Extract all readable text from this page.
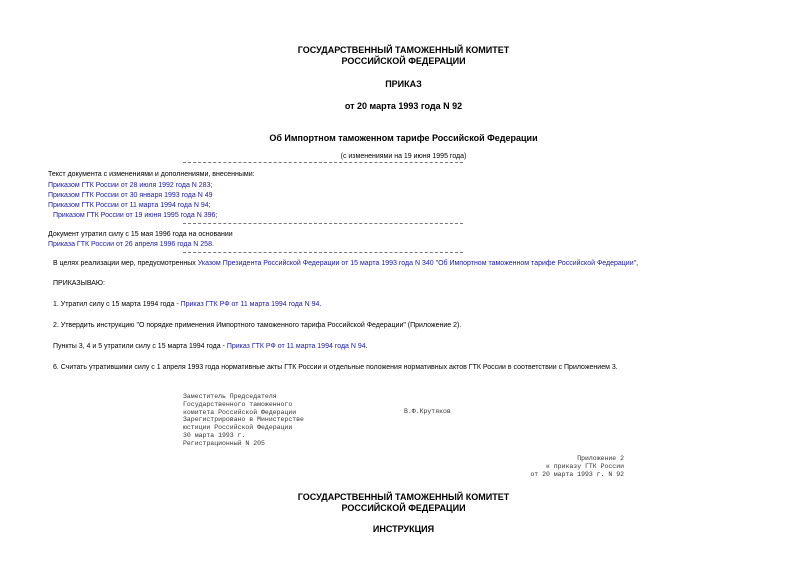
ГОСУДАРСТВЕННЫЙ ТАМОЖЕННЫЙ КОМИТЕТ
РОССИЙСКОЙ ФЕДЕРАЦИИ
ПРИКАЗ
от 20 марта 1993 года N 92
Об Импортном таможенном тарифе Российской Федерации
(с изменениями на 19 июня 1995 года)
Текст документа с изменениями и дополнениями, внесенными:
Приказом ГТК России от 28 июля 1992 года N 283;
Приказом ГТК России от 30 января 1993 года N 49
Приказом ГТК России от 11 марта 1994 года N 94;
Приказом ГТК России от 19 июня 1995 года N 396;
Документ утратил силу с 15 мая 1996 года на основании
Приказа ГТК России от 26 апреля 1996 года N 258.
В целях реализации мер, предусмотренных Указом Президента Российской Федерации от 15 марта 1993 года N 340 "Об Импортном таможенном тарифе Российской Федерации",
ПРИКАЗЫВАЮ:
1. Утратил силу с 15 марта 1994 года - Приказ ГТК РФ от 11 марта 1994 года N 94.
2. Утвердить инструкцию "О порядке применения Импортного таможенного тарифа Российской Федерации" (Приложение 2).
Пункты 3, 4 и 5 утратили силу с 15 марта 1994 года - Приказ ГТК РФ от 11 марта 1994 года N 94.
6. Считать утратившими силу с 1 апреля 1993 года нормативные акты ГТК России и отдельные положения нормативных актов ГТК России в соответствии с Приложением 3.
Заместитель Председателя
Государственного таможенного
комитета Российской Федерации
Зарегистрировано в Министерстве
юстиции Российской Федерации
30 марта 1993 г.
Регистрационный N 205
В.Ф.Крутяков
Приложение 2
к приказу ГТК России
от 20 марта 1993 г. N 92
ГОСУДАРСТВЕННЫЙ ТАМОЖЕННЫЙ КОМИТЕТ
РОССИЙСКОЙ ФЕДЕРАЦИИ
ИНСТРУКЦИЯ
